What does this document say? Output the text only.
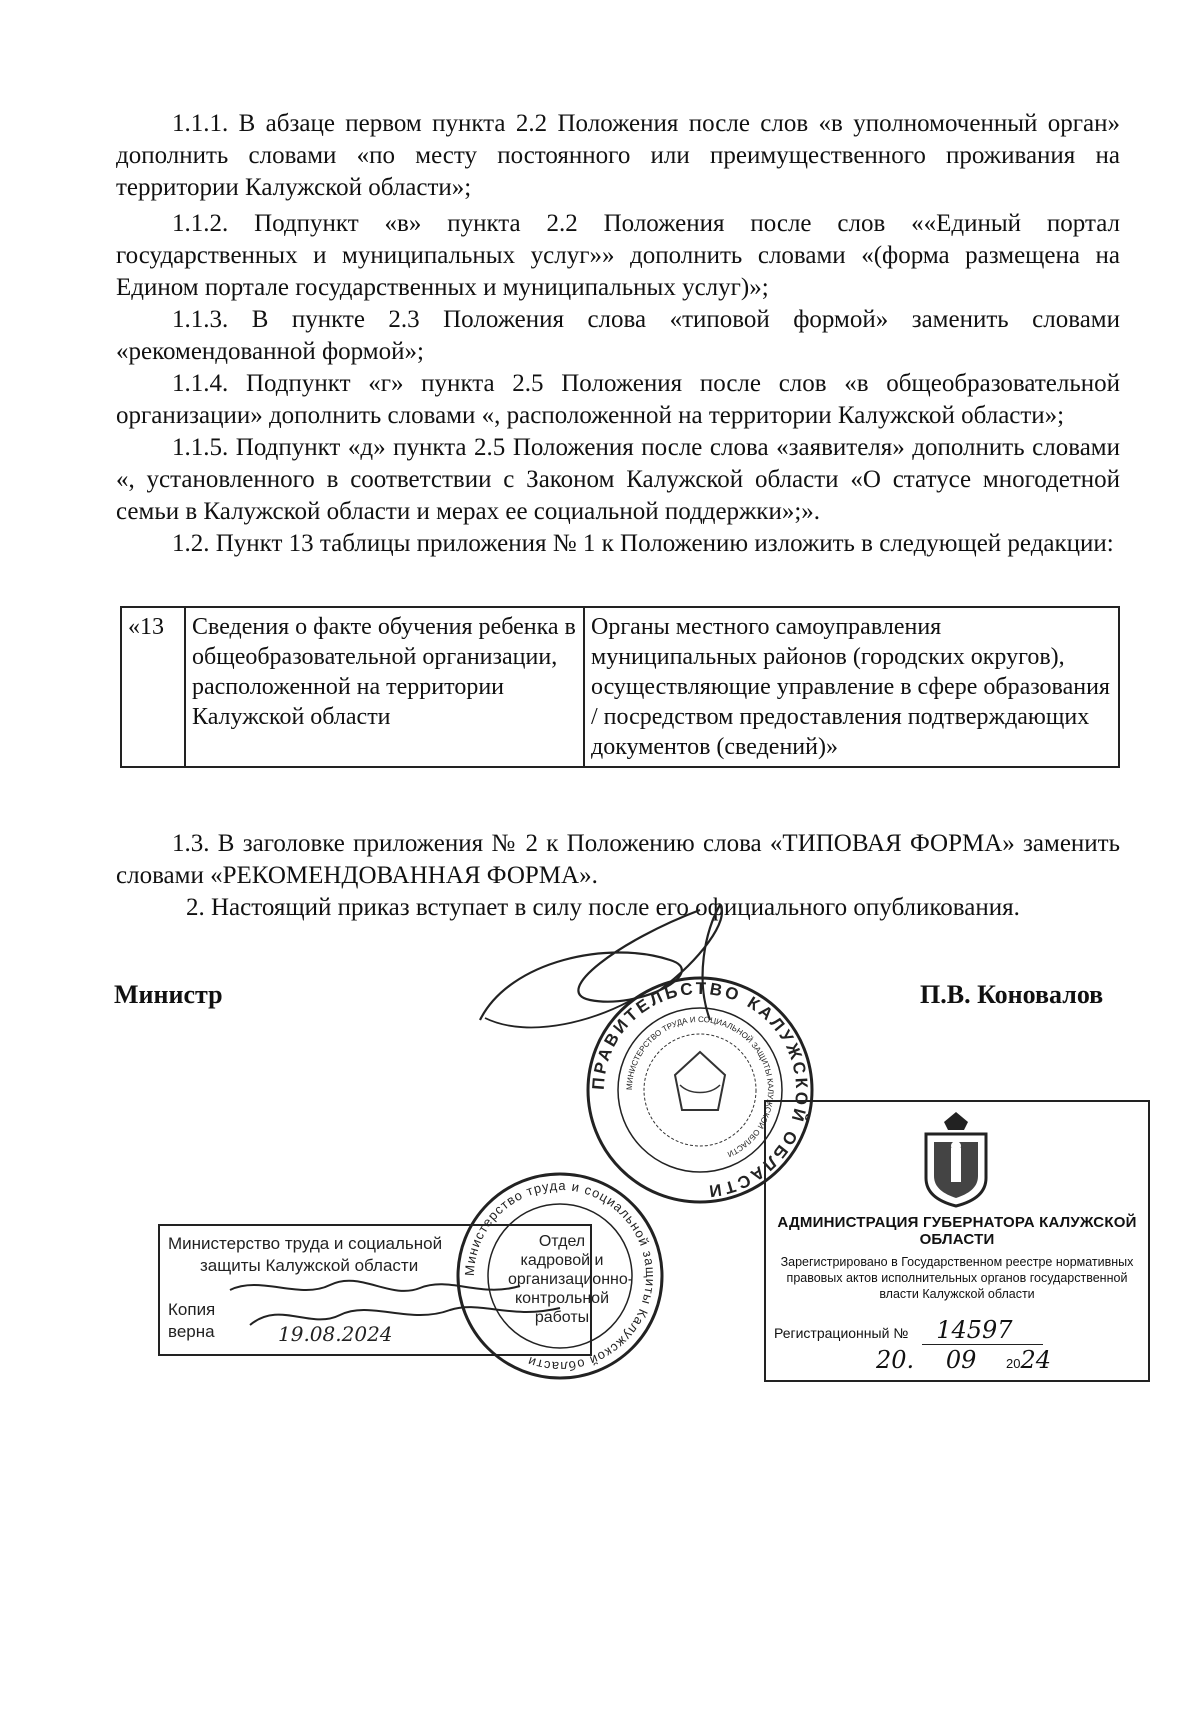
1.1.1. В абзаце первом пункта 2.2 Положения после слов «в уполномоченный орган» дополнить словами «по месту постоянного или преимущественного проживания на территории Калужской области»;

1.1.2. Подпункт «в» пункта 2.2 Положения после слов ««Единый портал государственных и муниципальных услуг»» дополнить словами «(форма размещена на Едином портале государственных и муниципальных услуг)»;

1.1.3. В пункте 2.3 Положения слова «типовой формой» заменить словами «рекомендованной формой»;

1.1.4. Подпункт «г» пункта 2.5 Положения после слов «в общеобразовательной организации» дополнить словами «, расположенной на территории Калужской области»;

1.1.5. Подпункт «д» пункта 2.5 Положения после слова «заявителя» дополнить словами «, установленного в соответствии с Законом Калужской области «О статусе многодетной семьи в Калужской области и мерах ее социальной поддержки»;».

1.2. Пункт 13 таблицы приложения № 1 к Положению изложить в следующей редакции:

«13	Сведения о факте обучения ребенка в общеобразовательной организации, расположенной на территории Калужской области	Органы местного самоуправления муниципальных районов (городских округов), осуществляющие управление в сфере образования / посредством предоставления подтверждающих документов (сведений)»

1.3. В заголовке приложения № 2 к Положению слова «ТИПОВАЯ ФОРМА» заменить словами «РЕКОМЕНДОВАННАЯ ФОРМА».

2. Настоящий приказ вступает в силу после его официального опубликования.

Министр	П.В. Коновалов
ПРАВИТЕЛЬСТВО КАЛУЖСКОЙ ОБЛАСТИ
МИНИСТЕРСТВО ТРУДА И СОЦИАЛЬНОЙ ЗАЩИТЫ КАЛУЖСКОЙ ОБЛАСТИ
Министерство труда и социальной
защиты Калужской области
Копия
верна	19.08.2024
Министерство труда и социальной защиты Калужской области
Отдел кадровой и организационно-контрольной работы
АДМИНИСТРАЦИЯ ГУБЕРНАТОРА КАЛУЖСКОЙ ОБЛАСТИ
Зарегистрировано в Государственном реестре нормативных правовых актов исполнительных органов государственной власти Калужской области
Регистрационный № 14597
20. 09 2024
